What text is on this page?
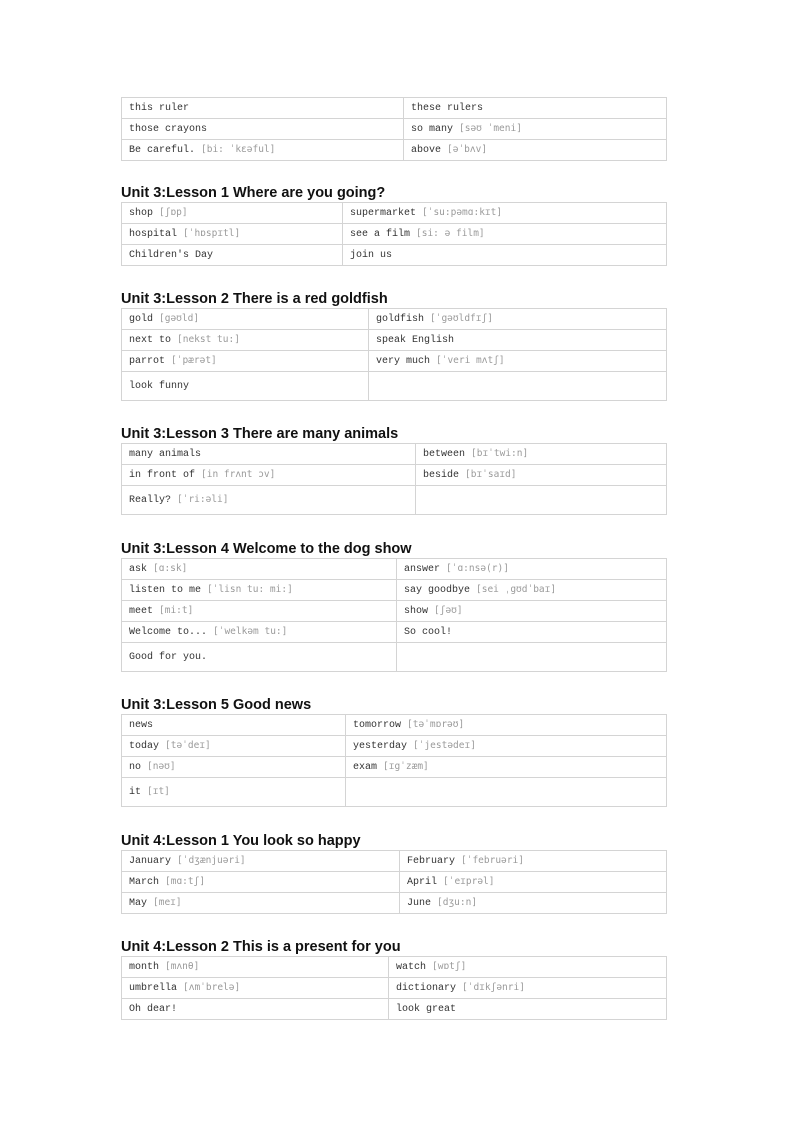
this ruler	these rulers
those crayons	so many [səʊ ˈmeni]
Be careful. [bi: ˈkɛəful]	above [əˈbʌv]
Unit 3:Lesson 1 Where are you going?
shop [ʃɒp]	supermarket [ˈsu:pəmɑ:kɪt]
hospital [ˈhɒspɪtl]	see a film [si: ə film]
Children's Day	join us
Unit 3:Lesson 2 There is a red goldfish
gold [gəʊld]	goldfish [ˈgəʊldfɪʃ]
next to [nekst tu:]	speak English
parrot [ˈpærət]	very much [ˈveri mʌtʃ]
look funny	
Unit 3:Lesson 3 There are many animals
many animals	between [bɪˈtwi:n]
in front of [in frʌnt ɔv]	beside [bɪˈsaɪd]
Really? [ˈri:əli]	
Unit 3:Lesson 4 Welcome to the dog show
ask [ɑ:sk]	answer [ˈɑ:nsə(r)]
listen to me [ˈlisn tu: mi:]	say goodbye [sei ˌgʊdˈbaɪ]
meet [mi:t]	show [ʃəʊ]
Welcome to... [ˈwelkəm tu:]	So cool!
Good for you.	
Unit 3:Lesson 5 Good news
news	tomorrow [təˈmɒrəʊ]
today [təˈdeɪ]	yesterday [ˈjestədeɪ]
no [nəʊ]	exam [ɪgˈzæm]
it [ɪt]	
Unit 4:Lesson 1 You look so happy
January [ˈdʒænjuəri]	February [ˈfebruəri]
March [mɑ:tʃ]	April [ˈeɪprəl]
May [meɪ]	June [dʒu:n]
Unit 4:Lesson 2 This is a present for you
month [mʌnθ]	watch [wɒtʃ]
umbrella [ʌmˈbrelə]	dictionary [ˈdɪkʃənri]
Oh dear!	look great
